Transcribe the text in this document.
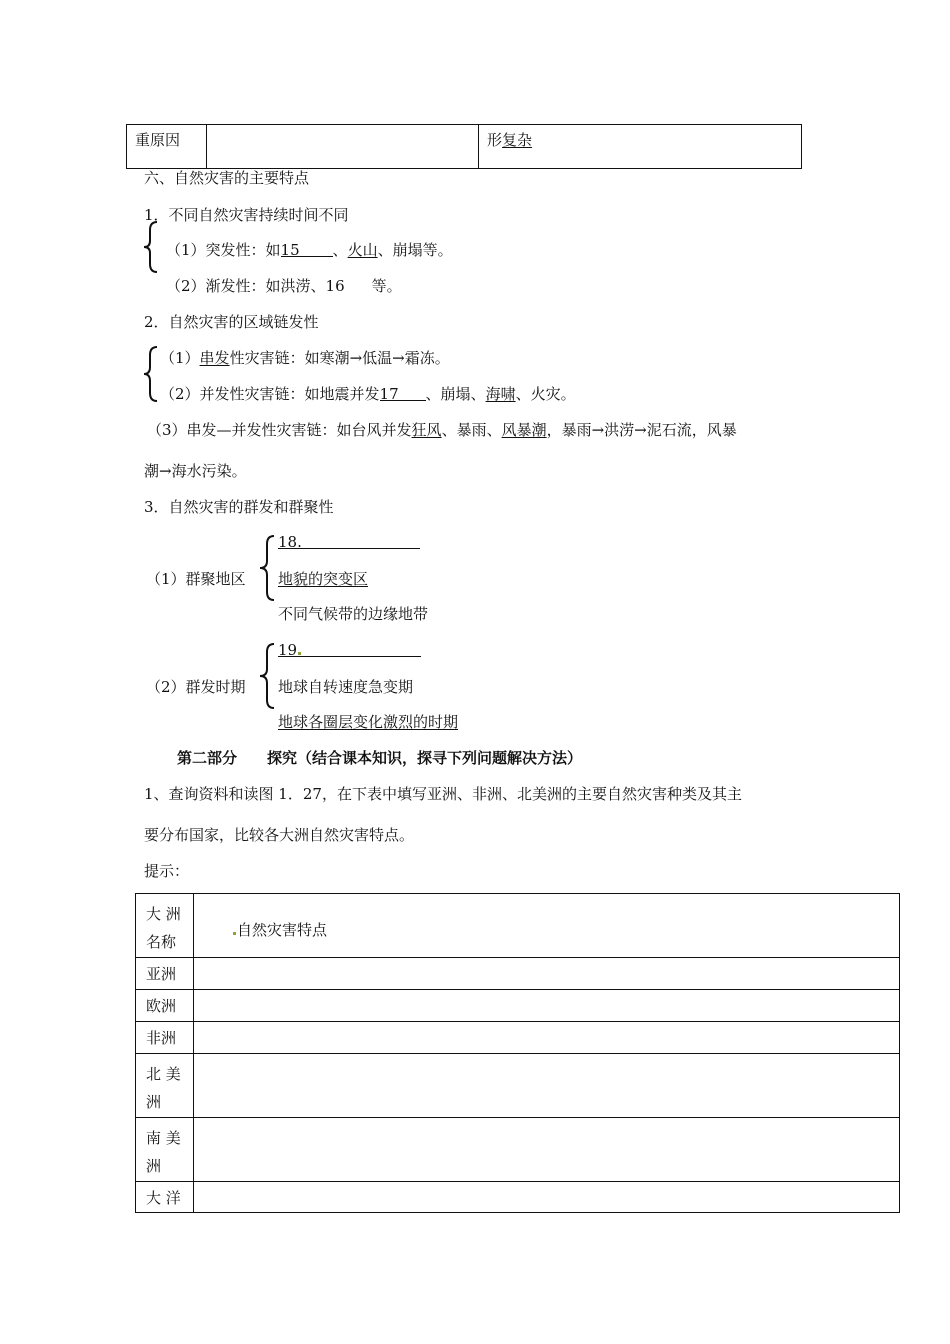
重原因		形复杂
六、自然灾害的主要特点
1．不同自然灾害持续时间不同
（1）突发性：如15 、火山、崩塌等。
（2）渐发性：如洪涝、16 等。
2．自然灾害的区域链发性
（1）串发性灾害链：如寒潮→低温→霜冻。
（2）并发性灾害链：如地震并发17 、崩塌、海啸、火灾。
（3）串发—并发性灾害链：如台风并发狂风、暴雨、风暴潮，暴雨→洪涝→泥石流，风暴
潮→海水污染。
3．自然灾害的群发和群聚性
（1）群聚地区
18.
地貌的突变区
不同气候带的边缘地带
（2）群发时期
19
地球自转速度急变期
地球各圈层变化激烈的时期
第二部分　　探究（结合课本知识，探寻下列问题解决方法）
1、查询资料和读图 1．27，在下表中填写亚洲、非洲、北美洲的主要自然灾害种类及其主
要分布国家，比较各大洲自然灾害特点。
提示：
大 洲
名称	自然灾害特点

亚洲	

欧洲	

非洲	

北 美
洲	

南 美
洲	

大 洋	
